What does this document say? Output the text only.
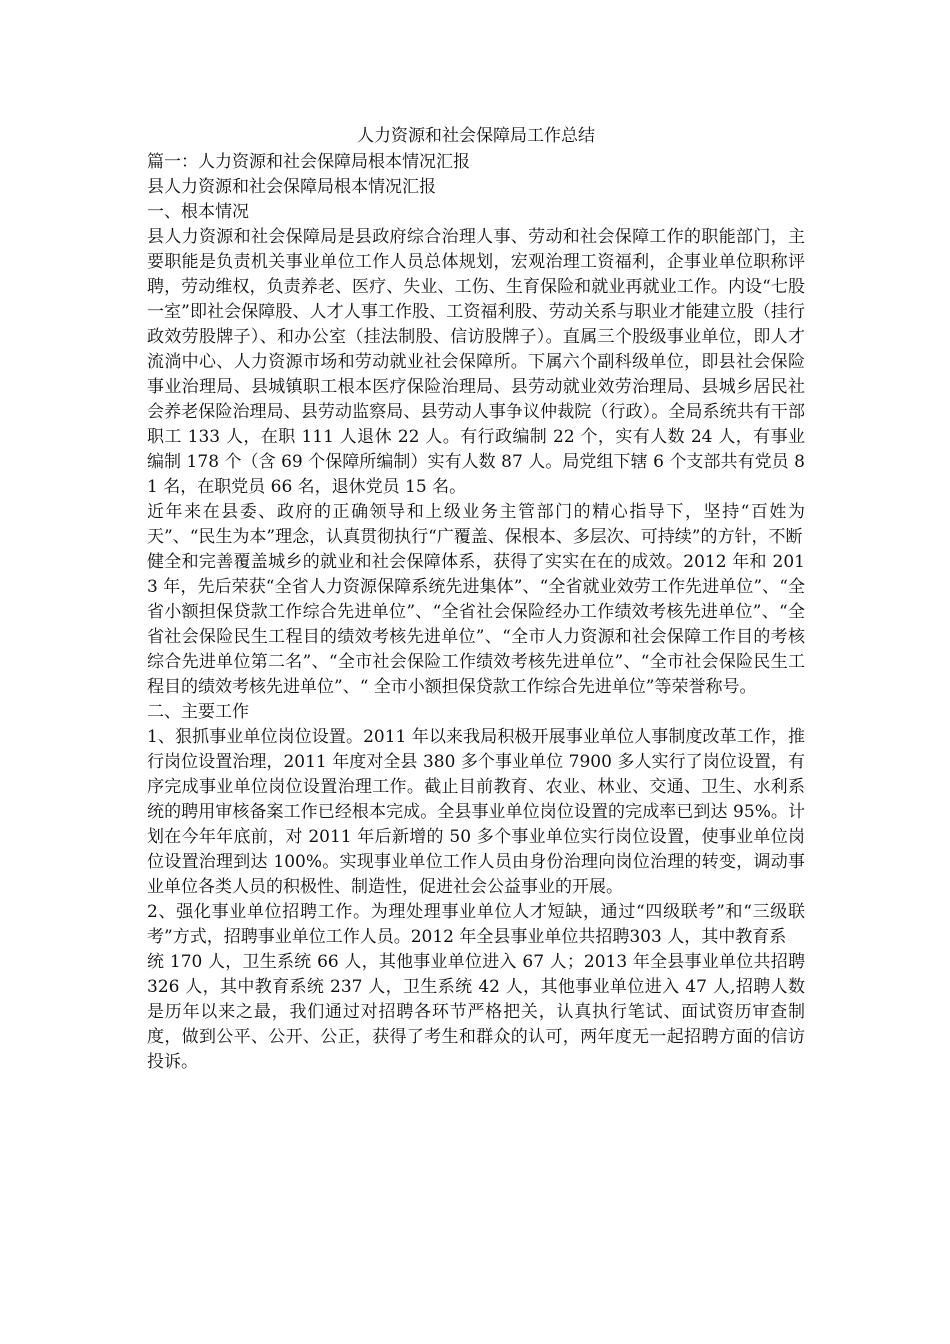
人力资源和社会保障局工作总结

篇一：人力资源和社会保障局根本情况汇报

县人力资源和社会保障局根本情况汇报

一、根本情况

县人力资源和社会保障局是县政府综合治理人事、劳动和社会保障工作的职能部门，主要职能是负责机关事业单位工作人员总体规划，宏观治理工资福利，企事业单位职称评聘，劳动维权，负责养老、医疗、失业、工伤、生育保险和就业再就业工作。内设“七股一室”即社会保障股、人才人事工作股、工资福利股、劳动关系与职业才能建立股（挂行政效劳股牌子）、和办公室（挂法制股、信访股牌子）。直属三个股级事业单位，即人才流淌中心、人力资源市场和劳动就业社会保障所。下属六个副科级单位，即县社会保险事业治理局、县城镇职工根本医疗保险治理局、县劳动就业效劳治理局、县城乡居民社会养老保险治理局、县劳动监察局、县劳动人事争议仲裁院（行政）。全局系统共有干部职工 133 人，在职 111 人退休 22 人。有行政编制 22 个，实有人数 24 人，有事业编制 178 个（含 69 个保障所编制）实有人数 87 人。局党组下辖 6 个支部共有党员 81 名，在职党员 66 名，退休党员 15 名。

近年来在县委、政府的正确领导和上级业务主管部门的精心指导下，坚持“百姓为天”、“民生为本”理念，认真贯彻执行“广覆盖、保根本、多层次、可持续”的方针，不断

健全和完善覆盖城乡的就业和社会保障体系，获得了实实在在的成效。2012 年和 2013 年，先后荣获“全省人力资源保障系统先进集体”、“全省就业效劳工作先进单位”、“全省小额担保贷款工作综合先进单位”、“全省社会保险经办工作绩效考核先进单位”、“全省社会保险民生工程目的绩效考核先进单位”、“全市人力资源和社会保障工作目的考核综合先进单位第二名”、“全市社会保险工作绩效考核先进单位”、“全市社会保险民生工程目的绩效考核先进单位”、“ 全市小额担保贷款工作综合先进单位”等荣誉称号。

二、主要工作

1、狠抓事业单位岗位设置。2011 年以来我局积极开展事业单位人事制度改革工作，推行岗位设置治理，2011 年度对全县 380 多个事业单位 7900 多人实行了岗位设置，有序完成事业单位岗位设置治理工作。截止目前教育、农业、林业、交通、卫生、水利系统的聘用审核备案工作已经根本完成。全县事业单位岗位设置的完成率已到达 95%。计划在今年年底前，对 2011 年后新增的 50 多个事业单位实行岗位设置，使事业单位岗位设置治理到达 100%。实现事业单位工作人员由身份治理向岗位治理的转变，调动事业单位各类人员的积极性、制造性，促进社会公益事业的开展。

2、强化事业单位招聘工作。为理处理事业单位人才短缺，通过“四级联考”和“三级联考”方式，招聘事业单位工作人员。2012 年全县事业单位共招聘303 人，其中教育系

统 170 人，卫生系统 66 人，其他事业单位进入 67 人；2013 年全县事业单位共招聘 326 人，其中教育系统 237 人，卫生系统 42 人，其他事业单位进入 47 人,招聘人数是历年以来之最，我们通过对招聘各环节严格把关，认真执行笔试、面试资历审查制度，做到公平、公开、公正，获得了考生和群众的认可，两年度无一起招聘方面的信访投诉。
